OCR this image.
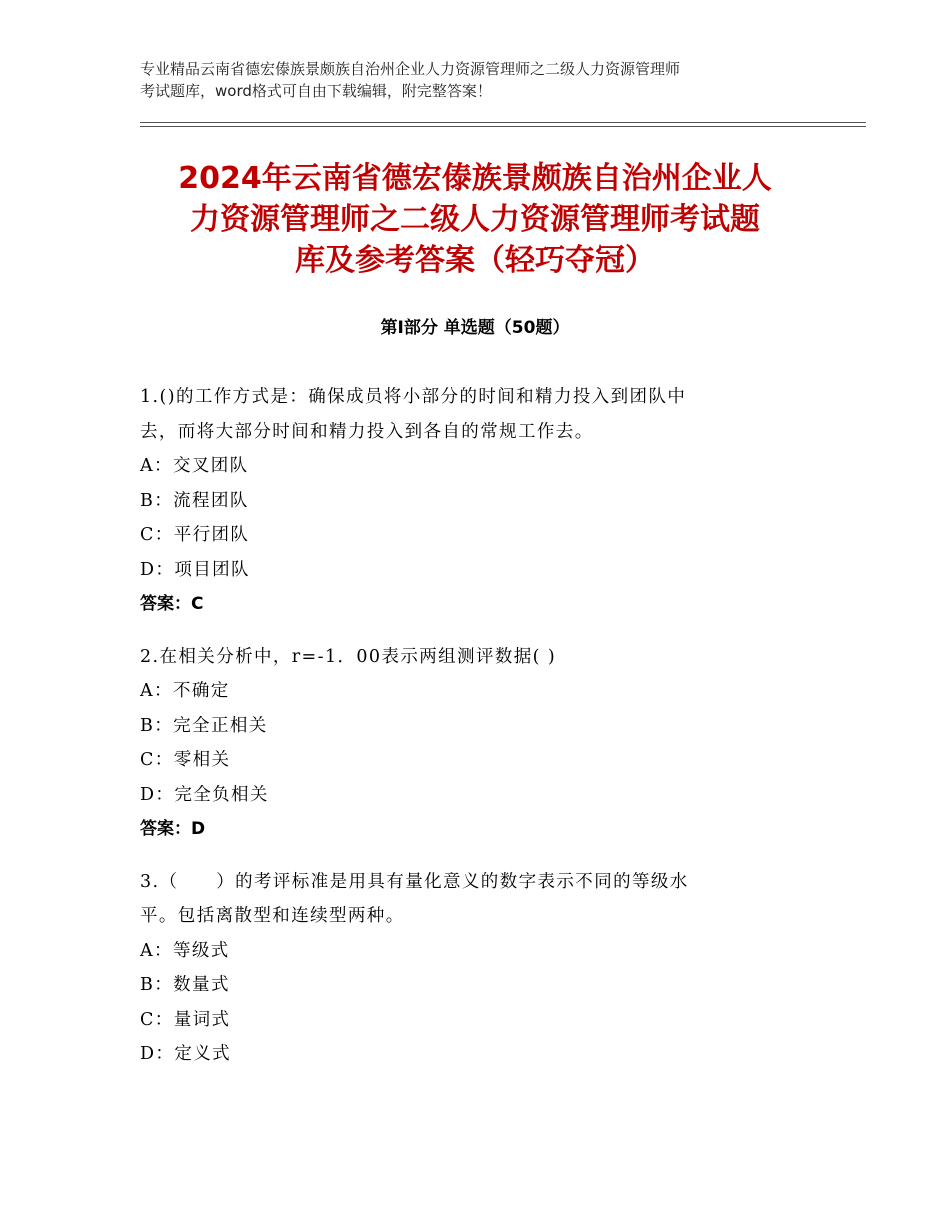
专业精品云南省德宏傣族景颇族自治州企业人力资源管理师之二级人力资源管理师
考试题库，word格式可自由下载编辑，附完整答案！
2024年云南省德宏傣族景颇族自治州企业人
力资源管理师之二级人力资源管理师考试题
库及参考答案（轻巧夺冠）
第Ⅰ部分 单选题（50题）

1.()的工作方式是：确保成员将小部分的时间和精力投入到团队中

去，而将大部分时间和精力投入到各自的常规工作去。

A：交叉团队

B：流程团队

C：平行团队

D：项目团队

答案：C

2.在相关分析中，r=-1．00表示两组测评数据( )

A：不确定

B：完全正相关

C：零相关

D：完全负相关

答案：D

3.（　　）的考评标准是用具有量化意义的数字表示不同的等级水

平。包括离散型和连续型两种。

A：等级式

B：数量式

C：量词式

D：定义式
